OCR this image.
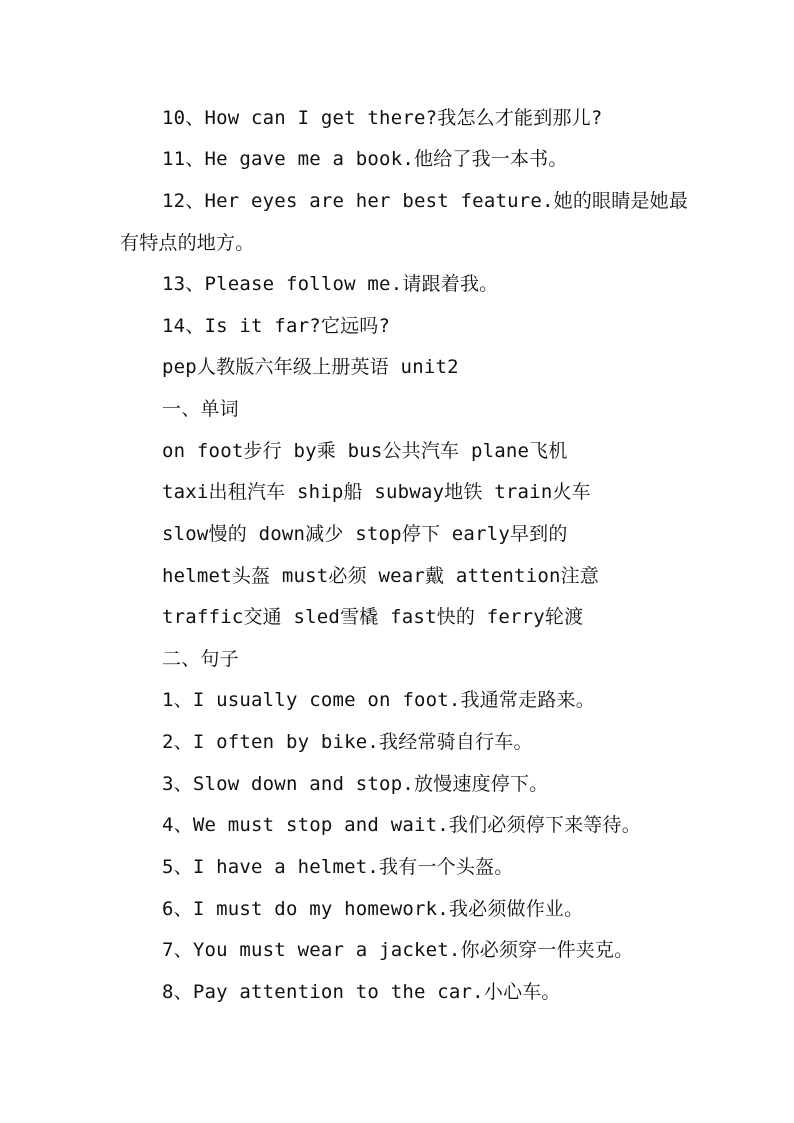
10、How can I get there?我怎么才能到那儿?
11、He gave me a book.他给了我一本书。
12、Her eyes are her best feature.她的眼睛是她最
有特点的地方。
13、Please follow me.请跟着我。
14、Is it far?它远吗?
pep人教版六年级上册英语 unit2
一、单词
on foot步行 by乘 bus公共汽车 plane飞机
taxi出租汽车 ship船 subway地铁 train火车
slow慢的 down减少 stop停下 early早到的
helmet头盔 must必须 wear戴 attention注意
traffic交通 sled雪橇 fast快的 ferry轮渡
二、句子
1、I usually come on foot.我通常走路来。
2、I often by bike.我经常骑自行车。
3、Slow down and stop.放慢速度停下。
4、We must stop and wait.我们必须停下来等待。
5、I have a helmet.我有一个头盔。
6、I must do my homework.我必须做作业。
7、You must wear a jacket.你必须穿一件夹克。
8、Pay attention to the car.小心车。
